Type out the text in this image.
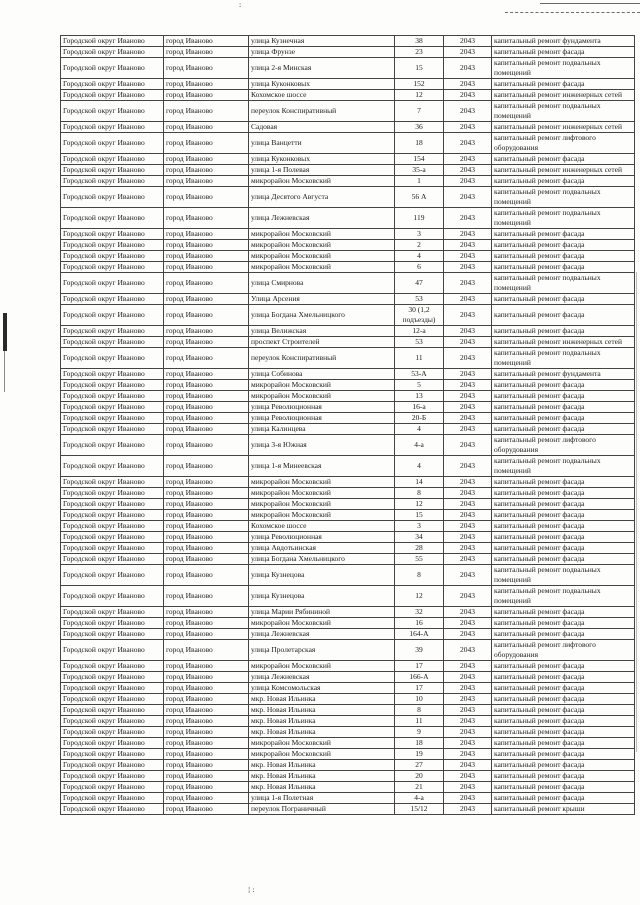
:
¦:
Городской округ Иваново	город Иваново	улица Кузнечная	38	2043	капитальный ремонт фундамента
Городской округ Иваново	город Иваново	улица Фрунзе	23	2043	капитальный ремонт фасада
Городской округ Иваново	город Иваново	улица 2-я Минская	15	2043	капитальный ремонт подвальных помещений
Городской округ Иваново	город Иваново	улица Куконковых	152	2043	капитальный ремонт фасада
Городской округ Иваново	город Иваново	Кохомское шоссе	12	2043	капитальный ремонт инженерных сетей
Городской округ Иваново	город Иваново	переулок Конспиративный	7	2043	капитальный ремонт подвальных помещений
Городской округ Иваново	город Иваново	Садовая	36	2043	капитальный ремонт инженерных сетей
Городской округ Иваново	город Иваново	улица Ванцетти	18	2043	капитальный ремонт лифтового оборудования
Городской округ Иваново	город Иваново	улица Куконковых	154	2043	капитальный ремонт фасада
Городской округ Иваново	город Иваново	улица 1-я Полевая	35-а	2043	капитальный ремонт инженерных сетей
Городской округ Иваново	город Иваново	микрорайон Московский	1	2043	капитальный ремонт фасада
Городской округ Иваново	город Иваново	улица Десятого Августа	56 А	2043	капитальный ремонт подвальных помещений
Городской округ Иваново	город Иваново	улица Лежневская	119	2043	капитальный ремонт подвальных помещений
Городской округ Иваново	город Иваново	микрорайон Московский	3	2043	капитальный ремонт фасада
Городской округ Иваново	город Иваново	микрорайон Московский	2	2043	капитальный ремонт фасада
Городской округ Иваново	город Иваново	микрорайон Московский	4	2043	капитальный ремонт фасада
Городской округ Иваново	город Иваново	микрорайон Московский	6	2043	капитальный ремонт фасада
Городской округ Иваново	город Иваново	улица Смирнова	47	2043	капитальный ремонт подвальных помещений
Городской округ Иваново	город Иваново	Улица Арсения	53	2043	капитальный ремонт фасада
Городской округ Иваново	город Иваново	улица Богдана Хмельницкого	30 (1,2 подъезды)	2043	капитальный ремонт фасада
Городской округ Иваново	город Иваново	улица Велижская	12-а	2043	капитальный ремонт фасада
Городской округ Иваново	город Иваново	проспект Строителей	53	2043	капитальный ремонт инженерных сетей
Городской округ Иваново	город Иваново	переулок Конспиративный	11	2043	капитальный ремонт подвальных помещений
Городской округ Иваново	город Иваново	улица Собинова	53-А	2043	капитальный ремонт фундамента
Городской округ Иваново	город Иваново	микрорайон Московский	5	2043	капитальный ремонт фасада
Городской округ Иваново	город Иваново	микрорайон Московский	13	2043	капитальный ремонт фасада
Городской округ Иваново	город Иваново	улица Революционная	16-а	2043	капитальный ремонт фасада
Городской округ Иваново	город Иваново	улица Революционная	20-Б	2043	капитальный ремонт фасада
Городской округ Иваново	город Иваново	улица Калинцева	4	2043	капитальный ремонт фасада
Городской округ Иваново	город Иваново	улица 3-я Южная	4-а	2043	капитальный ремонт лифтового оборудования
Городской округ Иваново	город Иваново	улица 1-я Минеевская	4	2043	капитальный ремонт подвальных помещений
Городской округ Иваново	город Иваново	микрорайон Московский	14	2043	капитальный ремонт фасада
Городской округ Иваново	город Иваново	микрорайон Московский	8	2043	капитальный ремонт фасада
Городской округ Иваново	город Иваново	микрорайон Московский	12	2043	капитальный ремонт фасада
Городской округ Иваново	город Иваново	микрорайон Московский	15	2043	капитальный ремонт фасада
Городской округ Иваново	город Иваново	Кохомское шоссе	3	2043	капитальный ремонт фасада
Городской округ Иваново	город Иваново	улица Революционная	34	2043	капитальный ремонт фасада
Городской округ Иваново	город Иваново	улица Авдотьинская	28	2043	капитальный ремонт фасада
Городской округ Иваново	город Иваново	улица Богдана Хмельницкого	55	2043	капитальный ремонт фасада
Городской округ Иваново	город Иваново	улица Кузнецова	8	2043	капитальный ремонт подвальных помещений
Городской округ Иваново	город Иваново	улица Кузнецова	12	2043	капитальный ремонт подвальных помещений
Городской округ Иваново	город Иваново	улица Марии Рябининой	32	2043	капитальный ремонт фасада
Городской округ Иваново	город Иваново	микрорайон Московский	16	2043	капитальный ремонт фасада
Городской округ Иваново	город Иваново	улица Лежневская	164-А	2043	капитальный ремонт фасада
Городской округ Иваново	город Иваново	улица Пролетарская	39	2043	капитальный ремонт лифтового оборудования
Городской округ Иваново	город Иваново	микрорайон Московский	17	2043	капитальный ремонт фасада
Городской округ Иваново	город Иваново	улица Лежневская	166-А	2043	капитальный ремонт фасада
Городской округ Иваново	город Иваново	улица Комсомольская	17	2043	капитальный ремонт фасада
Городской округ Иваново	город Иваново	мкр. Новая Ильинка	10	2043	капитальный ремонт фасада
Городской округ Иваново	город Иваново	мкр. Новая Ильинка	8	2043	капитальный ремонт фасада
Городской округ Иваново	город Иваново	мкр. Новая Ильинка	11	2043	капитальный ремонт фасада
Городской округ Иваново	город Иваново	мкр. Новая Ильинка	9	2043	капитальный ремонт фасада
Городской округ Иваново	город Иваново	микрорайон Московский	18	2043	капитальный ремонт фасада
Городской округ Иваново	город Иваново	микрорайон Московский	19	2043	капитальный ремонт фасада
Городской округ Иваново	город Иваново	мкр. Новая Ильинка	27	2043	капитальный ремонт фасада
Городской округ Иваново	город Иваново	мкр. Новая Ильинка	20	2043	капитальный ремонт фасада
Городской округ Иваново	город Иваново	мкр. Новая Ильинка	21	2043	капитальный ремонт фасада
Городской округ Иваново	город Иваново	улица 1-я Полетная	4-а	2043	капитальный ремонт фасада
Городской округ Иваново	город Иваново	переулок Пограничный	15/12	2043	капитальный ремонт крыши
